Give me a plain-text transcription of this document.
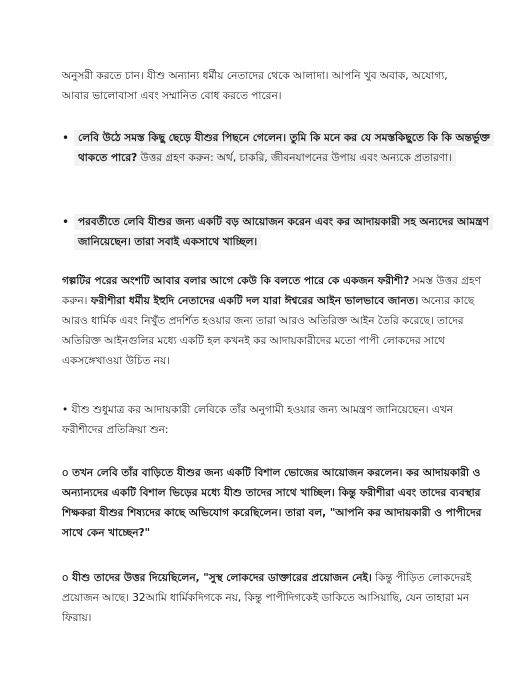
অনুসরী করতে চান। যীশু অন্যান্য ধর্মীয় নেতাদের থেকে আলাদা। আপনি খুব অবাক, অযোগ্য,
আবার ভালোবাসা এবং সম্মানিত বোধ করতে পারেন।

• লেবি উঠে সমস্ত কিছু ছেড়ে যীশুর পিছনে গেলেন। তুমি কি মনে কর যে সমস্তকিছুতে কি কি অন্তর্ভুক্ত থাকতে পারে? উত্তর গ্রহণ করুন: অর্থ, চাকরি, জীবনযাপনের উপায় এবং অন্যকে প্রতারণা।
• পরবর্তীতে লেবি যীশুর জন্য একটি বড় আয়োজন করেন এবং কর আদায়কারী সহ অন্যদের আমন্ত্রণ জানিয়েছেন। তারা সবাই একসাথে খাচ্ছিল।

গল্পটির পরের অংশটি আবার বলার আগে কেউ কি বলতে পারে কে একজন ফরীশী? সমস্ত উত্তর গ্রহণ করুন। ফরীশীরা ধর্মীয় ইহুদি নেতাদের একটি দল যারা ঈশ্বরের আইন ভালভাবে জানত। অন্যের কাছে আরও ধার্মিক এবং নিখুঁত প্রদর্শিত হওয়ার জন্য তারা আরও অতিরিক্ত আইন তৈরি করেছে। তাদের অতিরিক্ত আইনগুলির মধ্যে একটি হল কখনই কর আদায়কারীদের মতো পাপী লোকদের সাথে একসঙ্গেখাওয়া উচিত নয়।

• যীশু শুধুমাত্র কর আদায়কারী লেবিকে তাঁর অনুগামী হওয়ার জন্য আমন্ত্রণ জানিয়েছেন। এখন ফরীশীদের প্রতিক্রিয়া শুন:

o তখন লেবি তাঁর বাড়িতে যীশুর জন্য একটি বিশাল ভোজের আয়োজন করলেন। কর আদায়কারী ও অন্যান্যদের একটি বিশাল ভিড়ের মধ্যে যীশু তাদের সাথে খাচ্ছিল। কিন্তু ফরীশীরা এবং তাদের ব্যবস্থার শিক্ষকরা যীশুর শিষ্যদের কাছে অভিযোগ করেছিলেন। তারা বল, "আপনি কর আদায়কারী ও পাপীদের সাথে কেন খাচ্ছেন?"

o যীশু তাদের উত্তর দিয়েছিলেন, "সুস্থ লোকদের ডাক্তারের প্রয়োজন নেই। কিন্তু পীড়িত লোকদেরই প্রয়োজন আছে। 32আমি ধার্মিকদিগকে নয়, কিন্তু পাপীদিগকেই ডাকিতে আসিয়াছি, যেন তাহারা মন ফিরায়।
